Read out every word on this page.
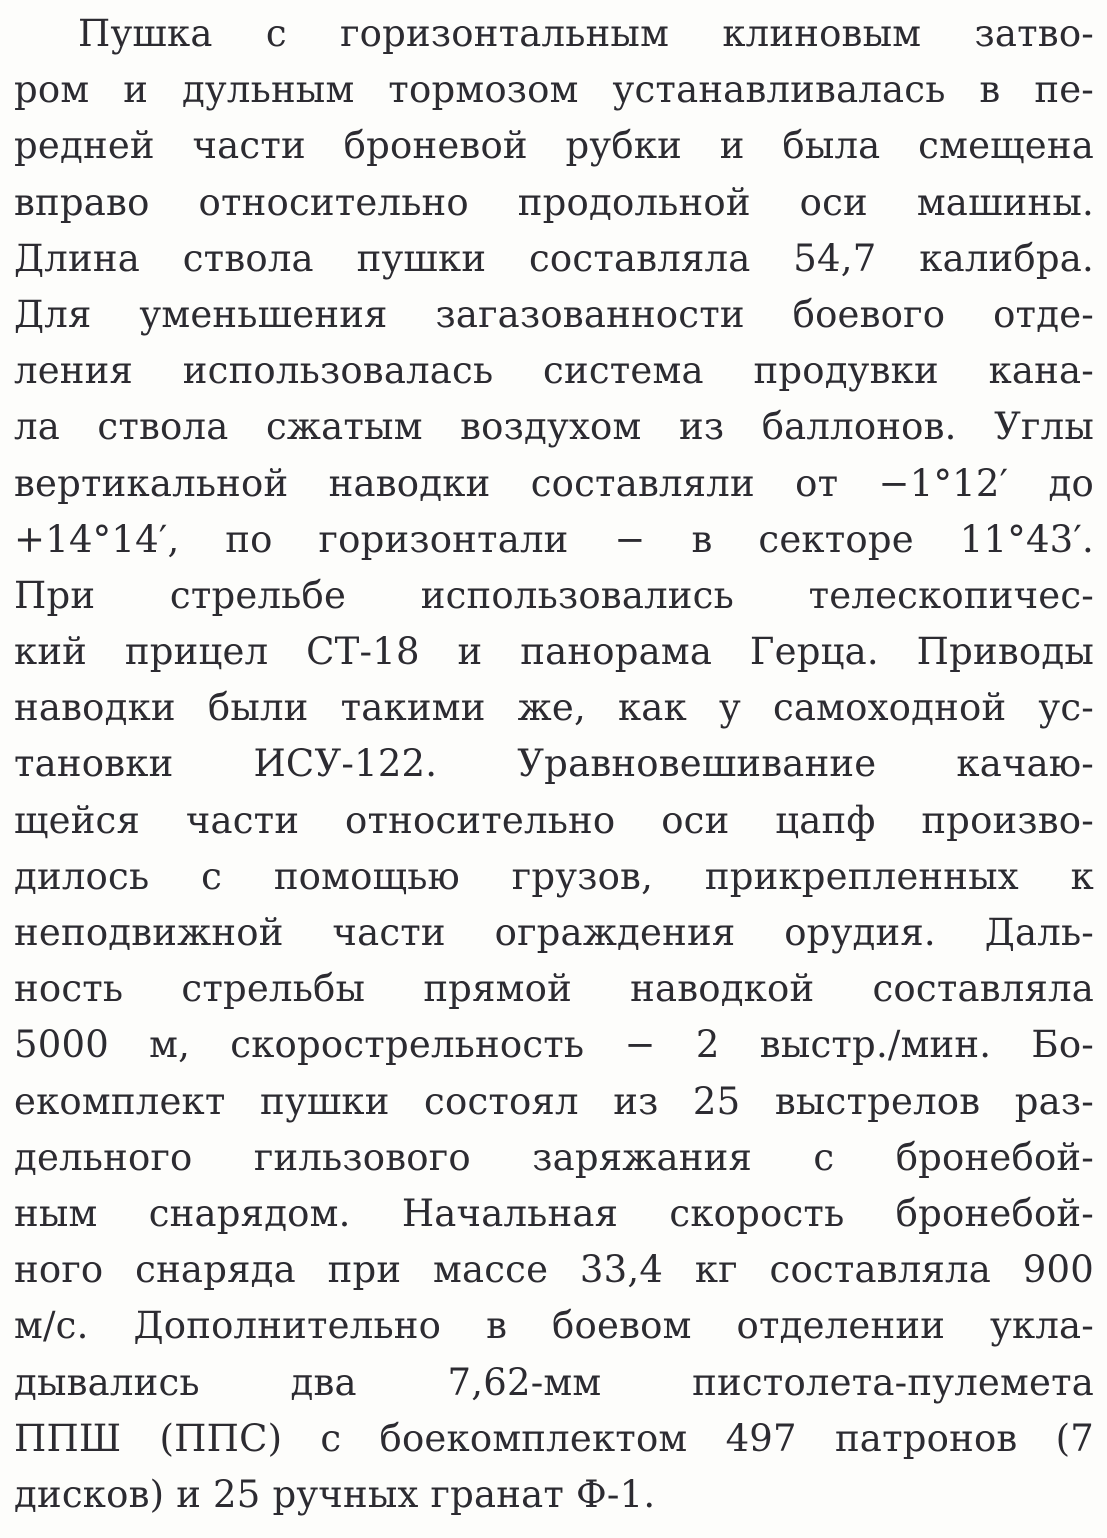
Пушка с горизонтальным клиновым затво-
ром и дульным тормозом устанавливалась в пе-
редней части броневой рубки и была смещена
вправо относительно продольной оси машины.
Длина ствола пушки составляла 54,7 калибра.
Для уменьшения загазованности боевого отде-
ления использовалась система продувки кана-
ла ствола сжатым воздухом из баллонов. Углы
вертикальной наводки составляли от −1°12′ до
+14°14′, по горизонтали − в секторе 11°43′.
При стрельбе использовались телескопичес-
кий прицел СТ-18 и панорама Герца. Приводы
наводки были такими же, как у самоходной ус-
тановки ИСУ-122. Уравновешивание качаю-
щейся части относительно оси цапф произво-
дилось с помощью грузов, прикрепленных к
неподвижной части ограждения орудия. Даль-
ность стрельбы прямой наводкой составляла
5000 м, скорострельность − 2 выстр./мин. Бо-
екомплект пушки состоял из 25 выстрелов раз-
дельного гильзового заряжания с бронебой-
ным снарядом. Начальная скорость бронебой-
ного снаряда при массе 33,4 кг составляла 900
м/с. Дополнительно в боевом отделении укла-
дывались два 7,62-мм пистолета-пулемета
ППШ (ППС) с боекомплектом 497 патронов (7
дисков) и 25 ручных гранат Ф-1.
